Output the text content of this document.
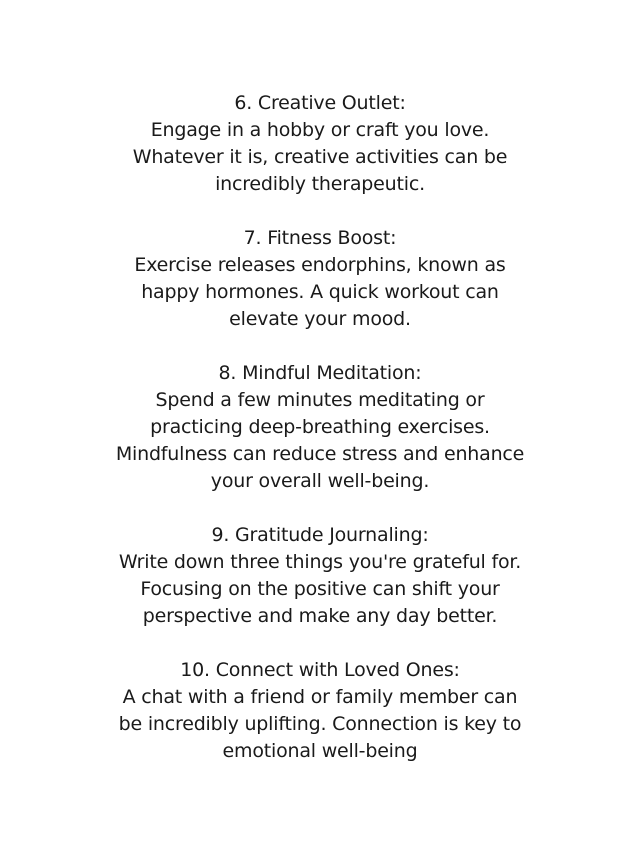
6. Creative Outlet:
Engage in a hobby or craft you love.
Whatever it is, creative activities can be
incredibly therapeutic.
7. Fitness Boost:
Exercise releases endorphins, known as
happy hormones. A quick workout can
elevate your mood.
8. Mindful Meditation:
Spend a few minutes meditating or
practicing deep-breathing exercises.
Mindfulness can reduce stress and enhance
your overall well-being.
9. Gratitude Journaling:
Write down three things you're grateful for.
Focusing on the positive can shift your
perspective and make any day better.
10. Connect with Loved Ones:
A chat with a friend or family member can
be incredibly uplifting. Connection is key to
emotional well-being
